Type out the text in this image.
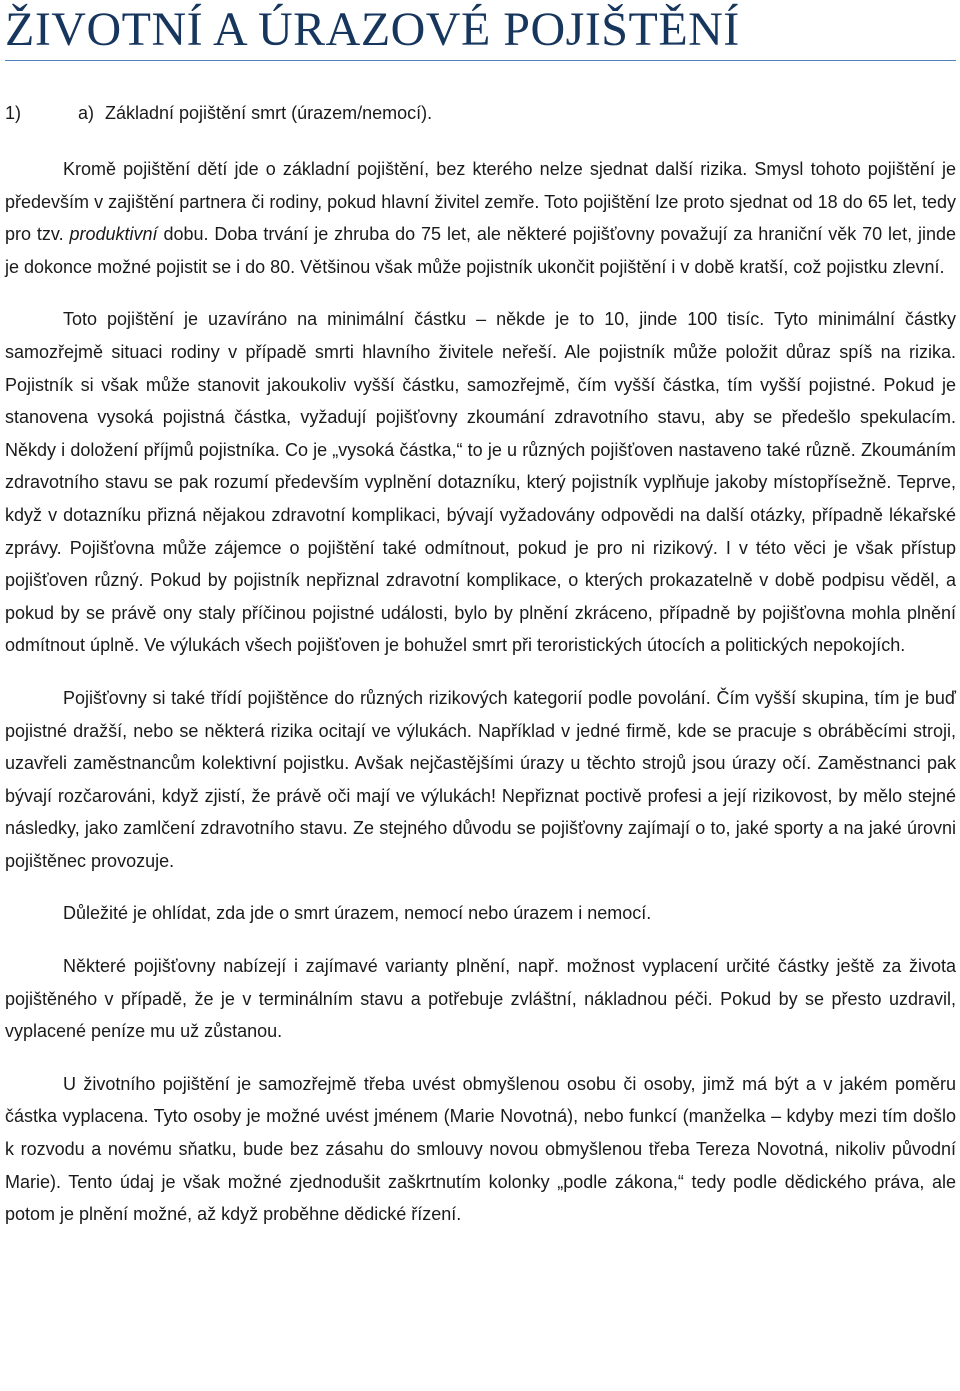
ŽIVOTNÍ A ÚRAZOVÉ POJIŠTĚNÍ
1)	a) Základní pojištění smrt (úrazem/nemocí).

Kromě pojištění dětí jde o základní pojištění, bez kterého nelze sjednat další rizika. Smysl tohoto pojištění je především v zajištění partnera či rodiny, pokud hlavní živitel zemře. Toto pojištění lze proto sjednat od 18 do 65 let, tedy pro tzv. produktivní dobu. Doba trvání je zhruba do 75 let, ale některé pojišťovny považují za hraniční věk 70 let, jinde je dokonce možné pojistit se i do 80. Většinou však může pojistník ukončit pojištění i v době kratší, což pojistku zlevní.

Toto pojištění je uzavíráno na minimální částku – někde je to 10, jinde 100 tisíc. Tyto minimální částky samozřejmě situaci rodiny v případě smrti hlavního živitele neřeší. Ale pojistník může položit důraz spíš na rizika. Pojistník si však může stanovit jakoukoliv vyšší částku, samozřejmě, čím vyšší částka, tím vyšší pojistné. Pokud je stanovena vysoká pojistná částka, vyžadují pojišťovny zkoumání zdravotního stavu, aby se předešlo spekulacím. Někdy i doložení příjmů pojistníka. Co je „vysoká částka,“ to je u různých pojišťoven nastaveno také různě. Zkoumáním zdravotního stavu se pak rozumí především vyplnění dotazníku, který pojistník vyplňuje jakoby místopřísežně. Teprve, když v dotazníku přizná nějakou zdravotní komplikaci, bývají vyžadovány odpovědi na další otázky, případně lékařské zprávy. Pojišťovna může zájemce o pojištění také odmítnout, pokud je pro ni rizikový. I v této věci je však přístup pojišťoven různý. Pokud by pojistník nepřiznal zdravotní komplikace, o kterých prokazatelně v době podpisu věděl, a pokud by se právě ony staly příčinou pojistné události, bylo by plnění zkráceno, případně by pojišťovna mohla plnění odmítnout úplně. Ve výlukách všech pojišťoven je bohužel smrt při teroristických útocích a politických nepokojích.

Pojišťovny si také třídí pojištěnce do různých rizikových kategorií podle povolání. Čím vyšší skupina, tím je buď pojistné dražší, nebo se některá rizika ocitají ve výlukách. Například v jedné firmě, kde se pracuje s obráběcími stroji, uzavřeli zaměstnancům kolektivní pojistku. Avšak nejčastějšími úrazy u těchto strojů jsou úrazy očí. Zaměstnanci pak bývají rozčarováni, když zjistí, že právě oči mají ve výlukách! Nepřiznat poctivě profesi a její rizikovost, by mělo stejné následky, jako zamlčení zdravotního stavu. Ze stejného důvodu se pojišťovny zajímají o to, jaké sporty a na jaké úrovni pojištěnec provozuje.

Důležité je ohlídat, zda jde o smrt úrazem, nemocí nebo úrazem i nemocí.

Některé pojišťovny nabízejí i zajímavé varianty plnění, např. možnost vyplacení určité částky ještě za života pojištěného v případě, že je v terminálním stavu a potřebuje zvláštní, nákladnou péči. Pokud by se přesto uzdravil, vyplacené peníze mu už zůstanou.

U životního pojištění je samozřejmě třeba uvést obmyšlenou osobu či osoby, jimž má být a v jakém poměru částka vyplacena. Tyto osoby je možné uvést jménem (Marie Novotná), nebo funkcí (manželka – kdyby mezi tím došlo k rozvodu a novému sňatku, bude bez zásahu do smlouvy novou obmyšlenou třeba Tereza Novotná, nikoliv původní Marie). Tento údaj je však možné zjednodušit zaškrtnutím kolonky „podle zákona,“ tedy podle dědického práva, ale potom je plnění možné, až když proběhne dědické řízení.
